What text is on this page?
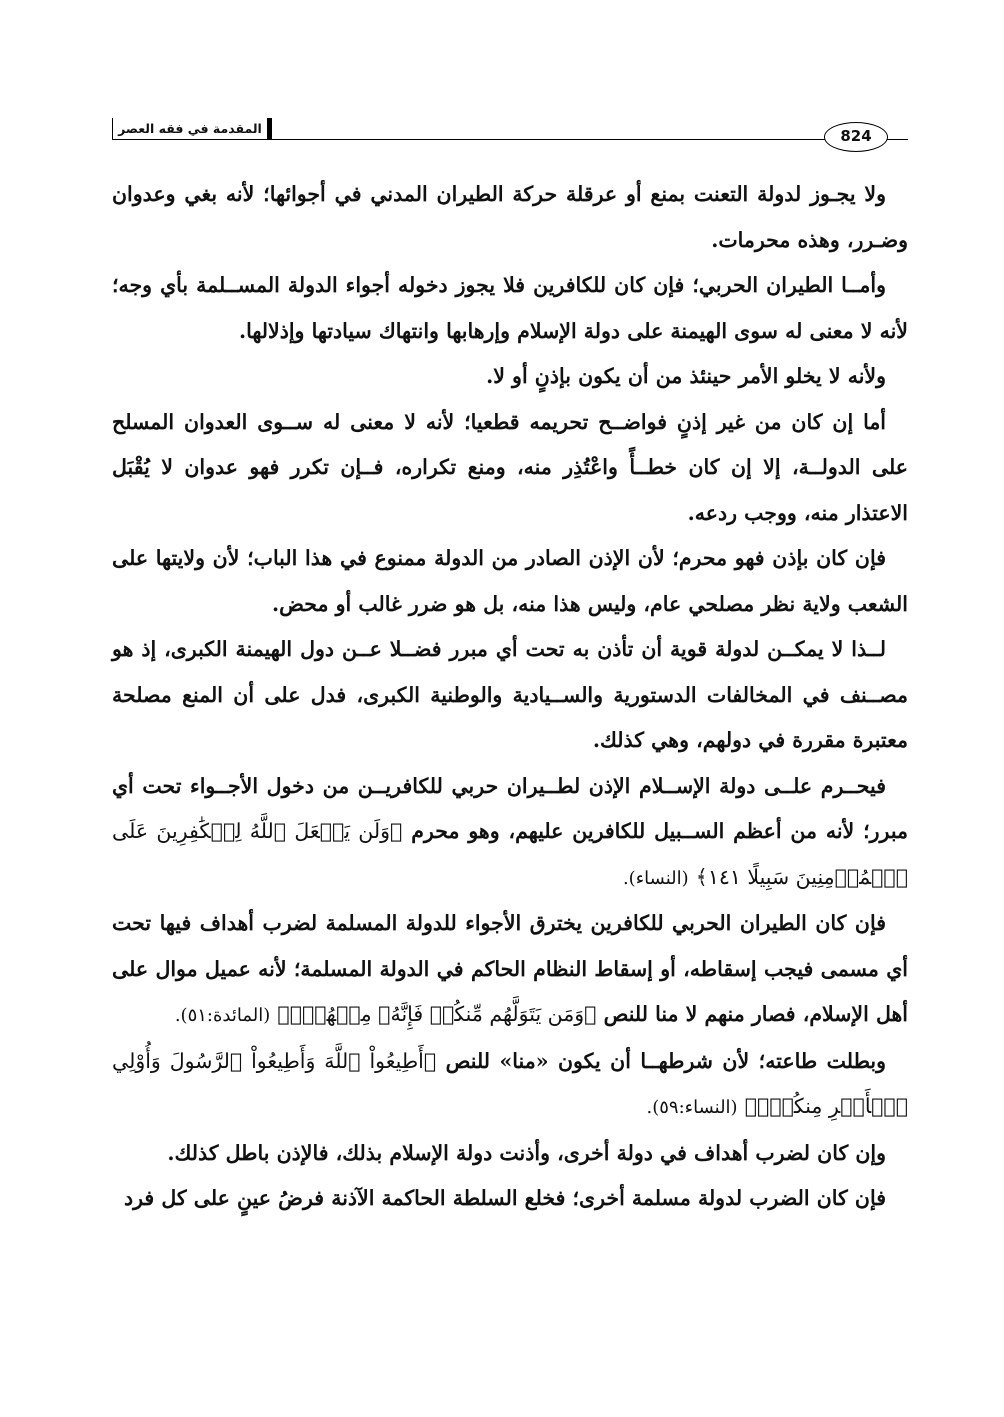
المقدمة في فقه العصر	824

ولا يجـوز لدولة التعنت بمنع أو عرقلة حركة الطيران المدني في أجوائها؛ لأنه بغي وعدوان وضـرر، وهذه محرمات.

وأمــا الطيران الحربي؛ فإن كان للكافرين فلا يجوز دخوله أجواء الدولة المســلمة بأي وجه؛ لأنه لا معنى له سوى الهيمنة على دولة الإسلام وإرهابها وانتهاك سيادتها وإذلالها.

ولأنه لا يخلو الأمر حينئذ من أن يكون بإذنٍ أو لا.

أما إن كان من غير إذنٍ فواضــح تحريمه قطعيا؛ لأنه لا معنى له ســوى العدوان المسلح على الدولــة، إلا إن كان خطــأً واعْتُذِر منه، ومنع تكراره، فــإن تكرر فهو عدوان لا يُقْبَل الاعتذار منه، ووجب ردعه.

فإن كان بإذن فهو محرم؛ لأن الإذن الصادر من الدولة ممنوع في هذا الباب؛ لأن ولايتها على الشعب ولاية نظر مصلحي عام، وليس هذا منه، بل هو ضرر غالب أو محض.

لــذا لا يمكــن لدولة قوية أن تأذن به تحت أي مبرر فضــلا عــن دول الهيمنة الكبرى، إذ هو مصــنف في المخالفات الدستورية والســيادية والوطنية الكبرى، فدل على أن المنع مصلحة معتبرة مقررة في دولهم، وهي كذلك.

فيحــرم علــى دولة الإســلام الإذن لطــيران حربي للكافريــن من دخول الأجــواء تحت أي مبرر؛ لأنه من أعظم الســبيل للكافرين عليهم، وهو محرم ﴿وَلَن يَجۡعَلَ ٱللَّهُ لِلۡكَٰفِرِينَ عَلَى ٱلۡمُؤۡمِنِينَ سَبِيلًا ١٤١﴾ (النساء).

فإن كان الطيران الحربي للكافرين يخترق الأجواء للدولة المسلمة لضرب أهداف فيها تحت أي مسمى فيجب إسقاطه، أو إسقاط النظام الحاكم في الدولة المسلمة؛ لأنه عميل موال على أهل الإسلام، فصار منهم لا منا للنص ﴿وَمَن يَتَوَلَّهُم مِّنكُمۡ فَإِنَّهُۥ مِنۡهُمۡۗ﴾ (المائدة:٥١).

وبطلت طاعته؛ لأن شرطهــا أن يكون «منا» للنص ﴿أَطِيعُواْ ٱللَّهَ وَأَطِيعُواْ ٱلرَّسُولَ وَأُوْلِي ٱلۡأَمۡرِ مِنكُمۡۖ﴾ (النساء:٥٩).

وإن كان لضرب أهداف في دولة أخرى، وأذنت دولة الإسلام بذلك، فالإذن باطل كذلك.

فإن كان الضرب لدولة مسلمة أخرى؛ فخلع السلطة الحاكمة الآذنة فرضُ عينٍ على كل فرد
